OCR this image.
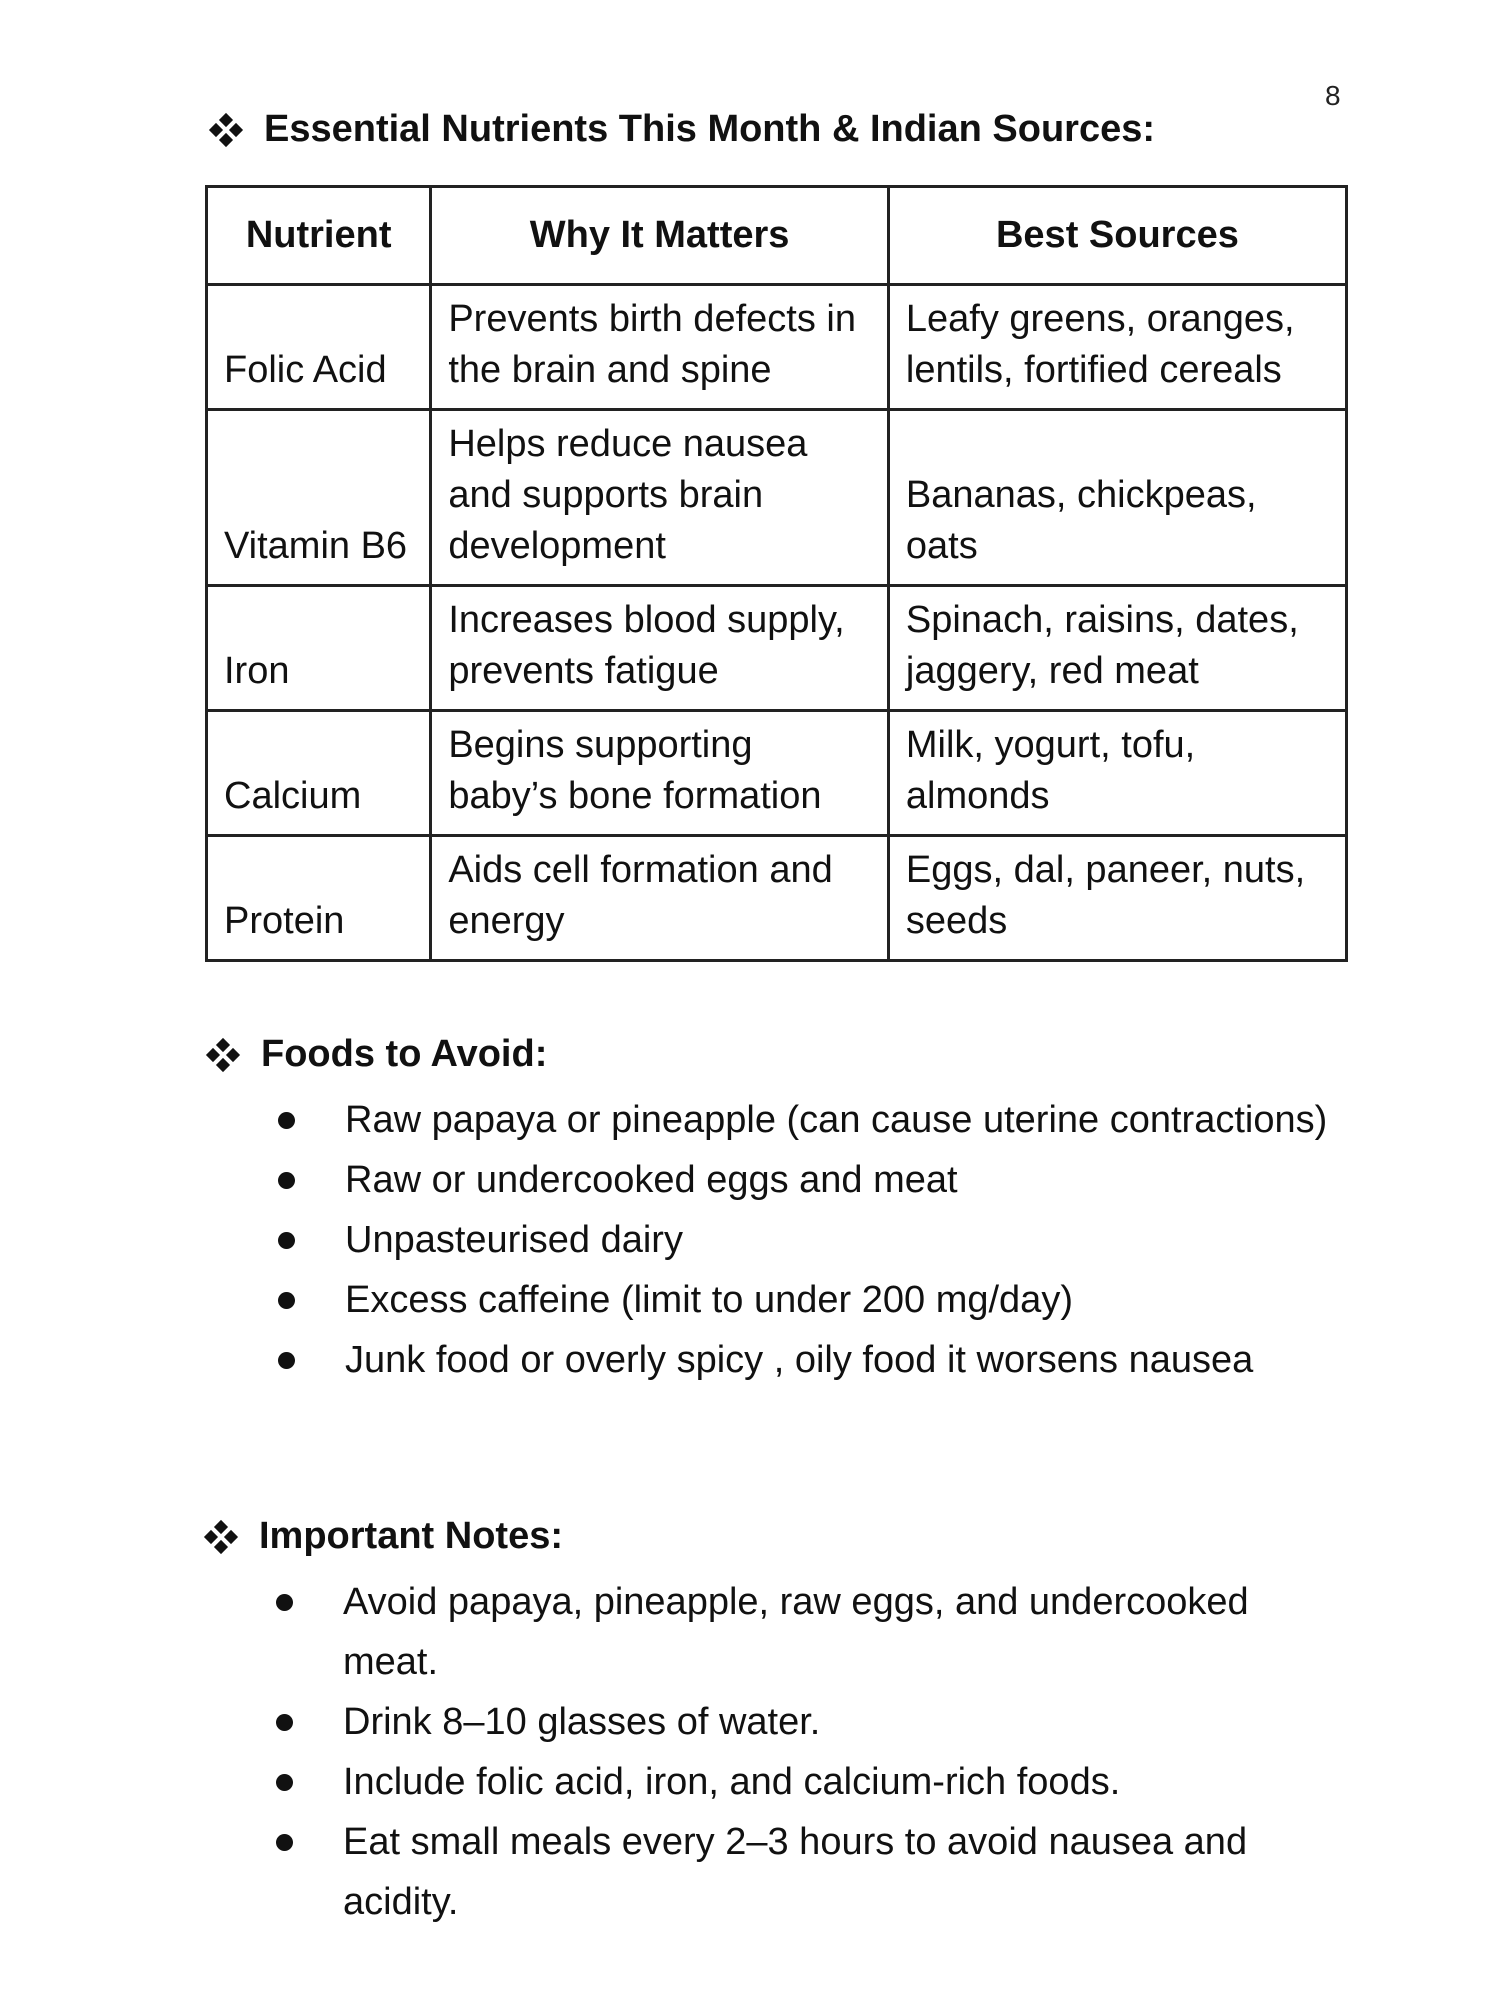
8
Essential Nutrients This Month & Indian Sources:
Nutrient	Why It Matters	Best Sources
Folic Acid	Prevents birth defects in the brain and spine	Leafy greens, oranges, lentils, fortified cereals
Vitamin B6	Helps reduce nausea and supports brain development	Bananas, chickpeas, oats
Iron	Increases blood supply, prevents fatigue	Spinach, raisins, dates, jaggery, red meat
Calcium	Begins supporting baby’s bone formation	Milk, yogurt, tofu, almonds
Protein	Aids cell formation and energy	Eggs, dal, paneer, nuts, seeds
Foods to Avoid:
Raw papaya or pineapple (can cause uterine contractions)
Raw or undercooked eggs and meat
Unpasteurised dairy
Excess caffeine (limit to under 200 mg/day)
Junk food or overly spicy , oily food it worsens nausea
Important Notes:
Avoid papaya, pineapple, raw eggs, and undercooked meat.
Drink 8–10 glasses of water.
Include folic acid, iron, and calcium-rich foods.
Eat small meals every 2–3 hours to avoid nausea and acidity.
